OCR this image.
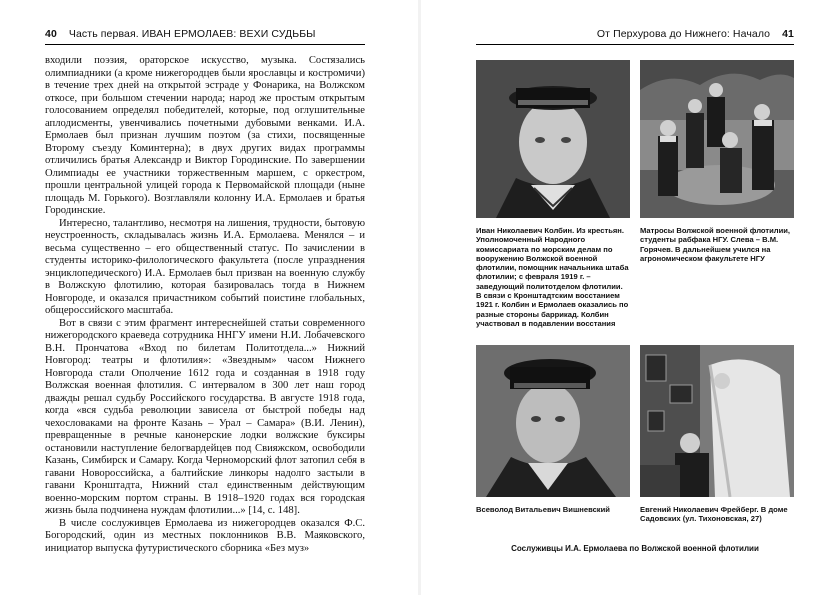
40 Часть первая. ИВАН ЕРМОЛАЕВ: ВЕХИ СУДЬБЫ

входили поэзия, ораторское искусство, музыка. Состязались олимпиадники (а кроме нижегородцев были ярославцы и костромичи) в течение трех дней на открытой эстраде у Фонарика, на Волжском откосе, при большом стечении народа; народ же простым открытым голосованием определял победителей, которые, под оглушительные аплодисменты, увенчивались почетными дубовыми венками. И.А. Ермолаев был признан лучшим поэтом (за стихи, посвященные Второму съезду Коминтерна); в двух других видах программы отличились братья Александр и Виктор Городинские. По завершении Олимпиады ее участники торжественным маршем, с оркестром, прошли центральной улицей города к Первомайской площади (ныне площадь М. Горького). Возглавляли колонну И.А. Ермолаев и братья Городинские.

Интересно, талантливо, несмотря на лишения, трудности, бытовую неустроенность, складывалась жизнь И.А. Ермолаева. Менялся – и весьма существенно – его общественный статус. По зачислении в студенты историко-филологического факультета (после упразднения энциклопедического) И.А. Ермолаев был призван на военную службу в Волжскую флотилию, которая базировалась тогда в Нижнем Новгороде, и оказался причастником событий поистине глобальных, общероссийского масштаба.

Вот в связи с этим фрагмент интереснейшей статьи современного нижегородского краеведа сотрудника ННГУ имени Н.И. Лобачевского В.Н. Прончатова «Вход по билетам Политотдела...» Нижний Новгород: театры и флотилия»: «Звездным» часом Нижнего Новгорода стали Ополчение 1612 года и созданная в 1918 году Волжская военная флотилия. С интервалом в 300 лет наш город дважды решал судьбу Российского государства. В августе 1918 года, когда «вся судьба революции зависела от быстрой победы над чехословаками на фронте Казань – Урал – Самара» (В.И. Ленин), превращенные в речные канонерские лодки волжские буксиры остановили наступление белогвардейцев под Свияжском, освободили Казань, Симбирск и Самару. Когда Черноморский флот затопил себя в гавани Новороссийска, а балтийские линкоры надолго застыли в гавани Кронштадта, Нижний стал единственным действующим военно-морским портом страны. В 1918–1920 годах вся городская жизнь была подчинена нуждам флотилии...» [14, с. 148].

В числе сослуживцев Ермолаева из нижегородцев оказался Ф.С. Богородский, один из местных поклонников В.В. Маяковского, инициатор выпуска футуристического сборника «Без муз»

От Перхурова до Нижнего: Начало 41
Иван Николаевич Колбин. Из крестьян. Уполномоченный Народного комиссариата по морским делам по вооружению Волжской военной флотилии, помощник начальника штаба флотилии; с февраля 1919 г. – заведующий политотделом флотилии. В связи с Кронштадтским восстанием 1921 г. Колбин и Ермолаев оказались по разные стороны баррикад. Колбин участвовал в подавлении восстания
Матросы Волжской военной флотилии, студенты рабфака НГУ. Слева – В.М. Горячев. В дальнейшем учился на агрономическом факультете НГУ
Всеволод Витальевич Вишневский	Евгений Николаевич Фрейберг. В доме Садовских (ул. Тихоновская, 27)
Сослуживцы И.А. Ермолаева по Волжской военной флотилии
